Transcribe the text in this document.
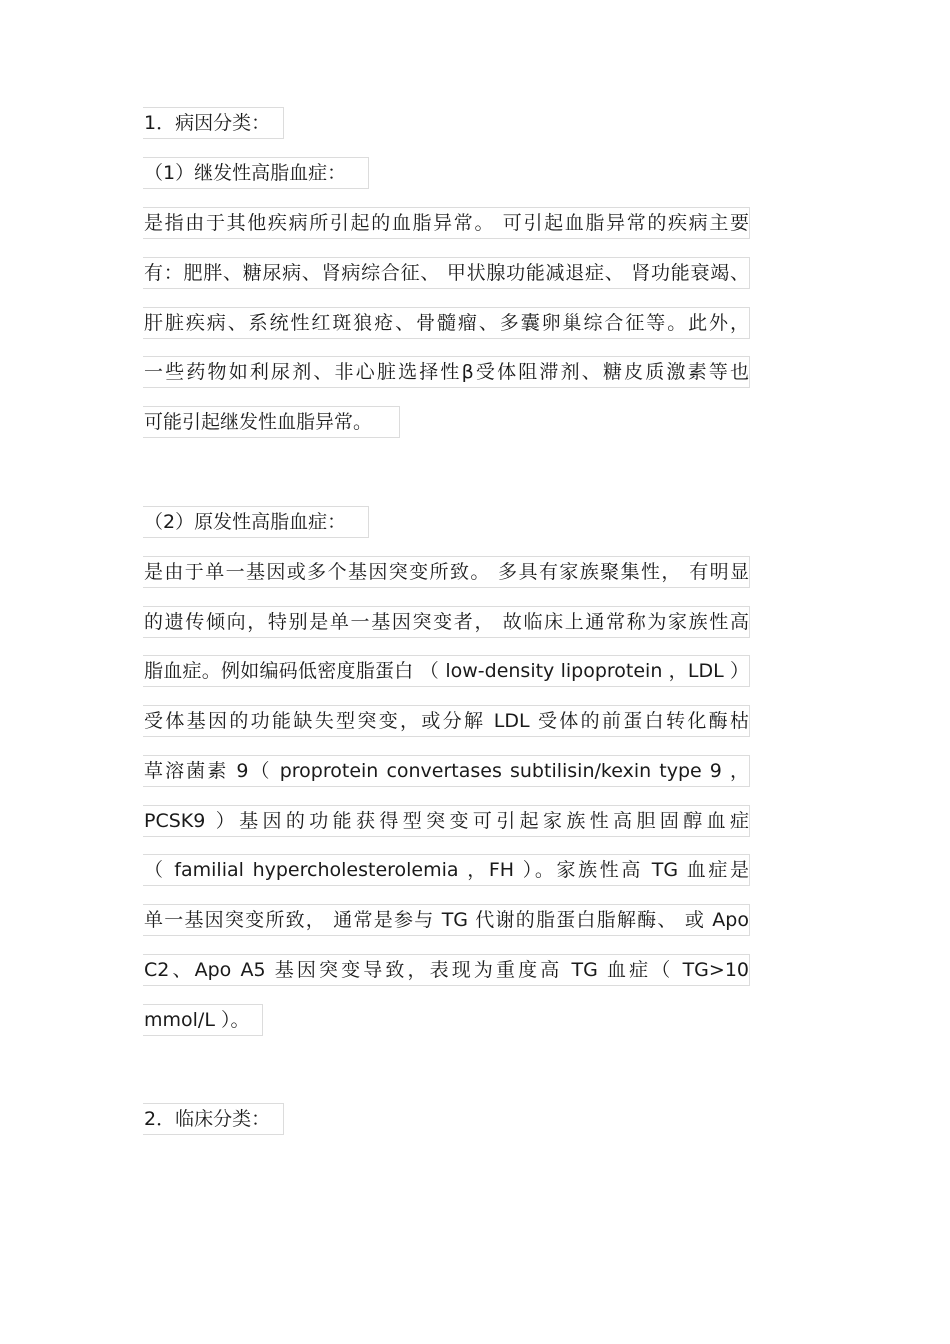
1．病因分类：
（1）继发性高脂血症：
是指由于其他疾病所引起的血脂异常。 可引起血脂异常的疾病主要
有：肥胖、糖尿病、肾病综合征、 甲状腺功能减退症、 肾功能衰竭、
肝脏疾病、系统性红斑狼疮、骨髓瘤、多囊卵巢综合征等。此外，
一些药物如利尿剂、非心脏选择性β受体阻滞剂、糖皮质激素等也
可能引起继发性血脂异常。
（2）原发性高脂血症：
是由于单一基因或多个基因突变所致。 多具有家族聚集性， 有明显
的遗传倾向，特别是单一基因突变者， 故临床上通常称为家族性高
脂血症。例如编码低密度脂蛋白 （ low-density lipoprotein ，LDL ）
受体基因的功能缺失型突变，或分解 LDL 受体的前蛋白转化酶枯
草溶菌素 9（ proprotein convertases subtilisin/kexin type 9 ，
PCSK9 ）基因的功能获得型突变可引起家族性高胆固醇血症
（ familial hypercholesterolemia ，FH ）。家族性高 TG 血症是
单一基因突变所致， 通常是参与 TG 代谢的脂蛋白脂解酶、 或 Apo
C2、Apo A5 基因突变导致，表现为重度高 TG 血症（ TG>10
mmol/L ）。
2．临床分类：
